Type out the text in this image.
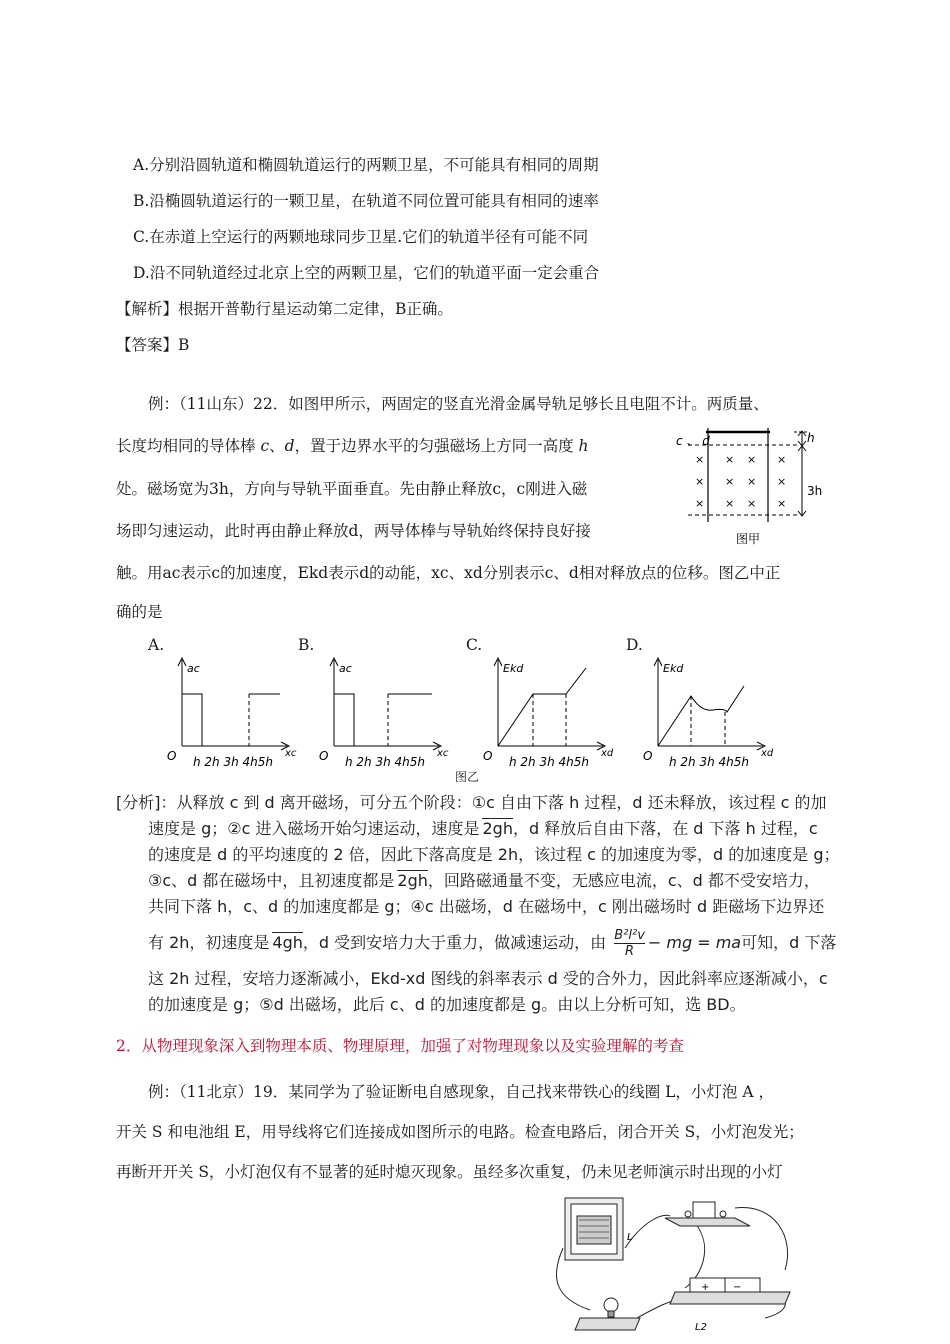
A.分别沿圆轨道和椭圆轨道运行的两颗卫星，不可能具有相同的周期
B.沿椭圆轨道运行的一颗卫星，在轨道不同位置可能具有相同的速率
C.在赤道上空运行的两颗地球同步卫星.它们的轨道半径有可能不同
D.沿不同轨道经过北京上空的两颗卫星，它们的轨道平面一定会重合
【解析】根据开普勒行星运动第二定律，B正确。
【答案】B
例：（11山东）22．如图甲所示，两固定的竖直光滑金属导轨足够长且电阻不计。两质量、
长度均相同的导体棒 c、d，置于边界水平的匀强磁场上方同一高度 h
处。磁场宽为3h，方向与导轨平面垂直。先由静止释放c，c刚进入磁
场即匀速运动，此时再由静止释放d，两导体棒与导轨始终保持良好接
触。用ac表示c的加速度，Ekd表示d的动能，xc、xd分别表示c、d相对释放点的位移。图乙中正
确的是
c 、 d	h
3h
× × × ×
× × × ×
× × × ×
图甲
A.	B.	C.	D.
ac
xc
O h 2h 3h 4h5h
ac
xc
O h 2h 3h 4h5h
Ekd
xd
O h 2h 3h 4h5h
Ekd
xd
O h 2h 3h 4h5h
图乙
[分析]：从释放 c 到 d 离开磁场，可分五个阶段：①c 自由下落 h 过程，d 还未释放，该过程 c 的加
速度是 g；②c 进入磁场开始匀速运动，速度是 2gh，d 释放后自由下落，在 d 下落 h 过程，c
的速度是 d 的平均速度的 2 倍，因此下落高度是 2h，该过程 c 的加速度为零，d 的加速度是 g；
③c、d 都在磁场中，且初速度都是 2gh，回路磁通量不变，无感应电流，c、d 都不受安培力，
共同下落 h，c、d 的加速度都是 g；④c 出磁场，d 在磁场中，c 刚出磁场时 d 距磁场下边界还
有 2h，初速度是 4gh，d 受到安培力大于重力，做减速运动，由 $\frac{\text{B²l²v}}{R}$ − mg = ma可知，d 下落
这 2h 过程，安培力逐渐减小，Ekd-xd 图线的斜率表示 d 受的合外力，因此斜率应逐渐减小，c
的加速度是 g；⑤d 出磁场，此后 c、d 的加速度都是 g。由以上分析可知，选 BD。
2．从物理现象深入到物理本质、物理原理，加强了对物理现象以及实验理解的考查
例：（11北京）19．某同学为了验证断电自感现象，自己找来带铁心的线圈 L，小灯泡 A ，
开关 S 和电池组 E，用导线将它们连接成如图所示的电路。检查电路后，闭合开关 S，小灯泡发光；
再断开开关 S，小灯泡仅有不显著的延时熄灭现象。虽经多次重复，仍未见老师演示时出现的小灯
L
+ −
L2
